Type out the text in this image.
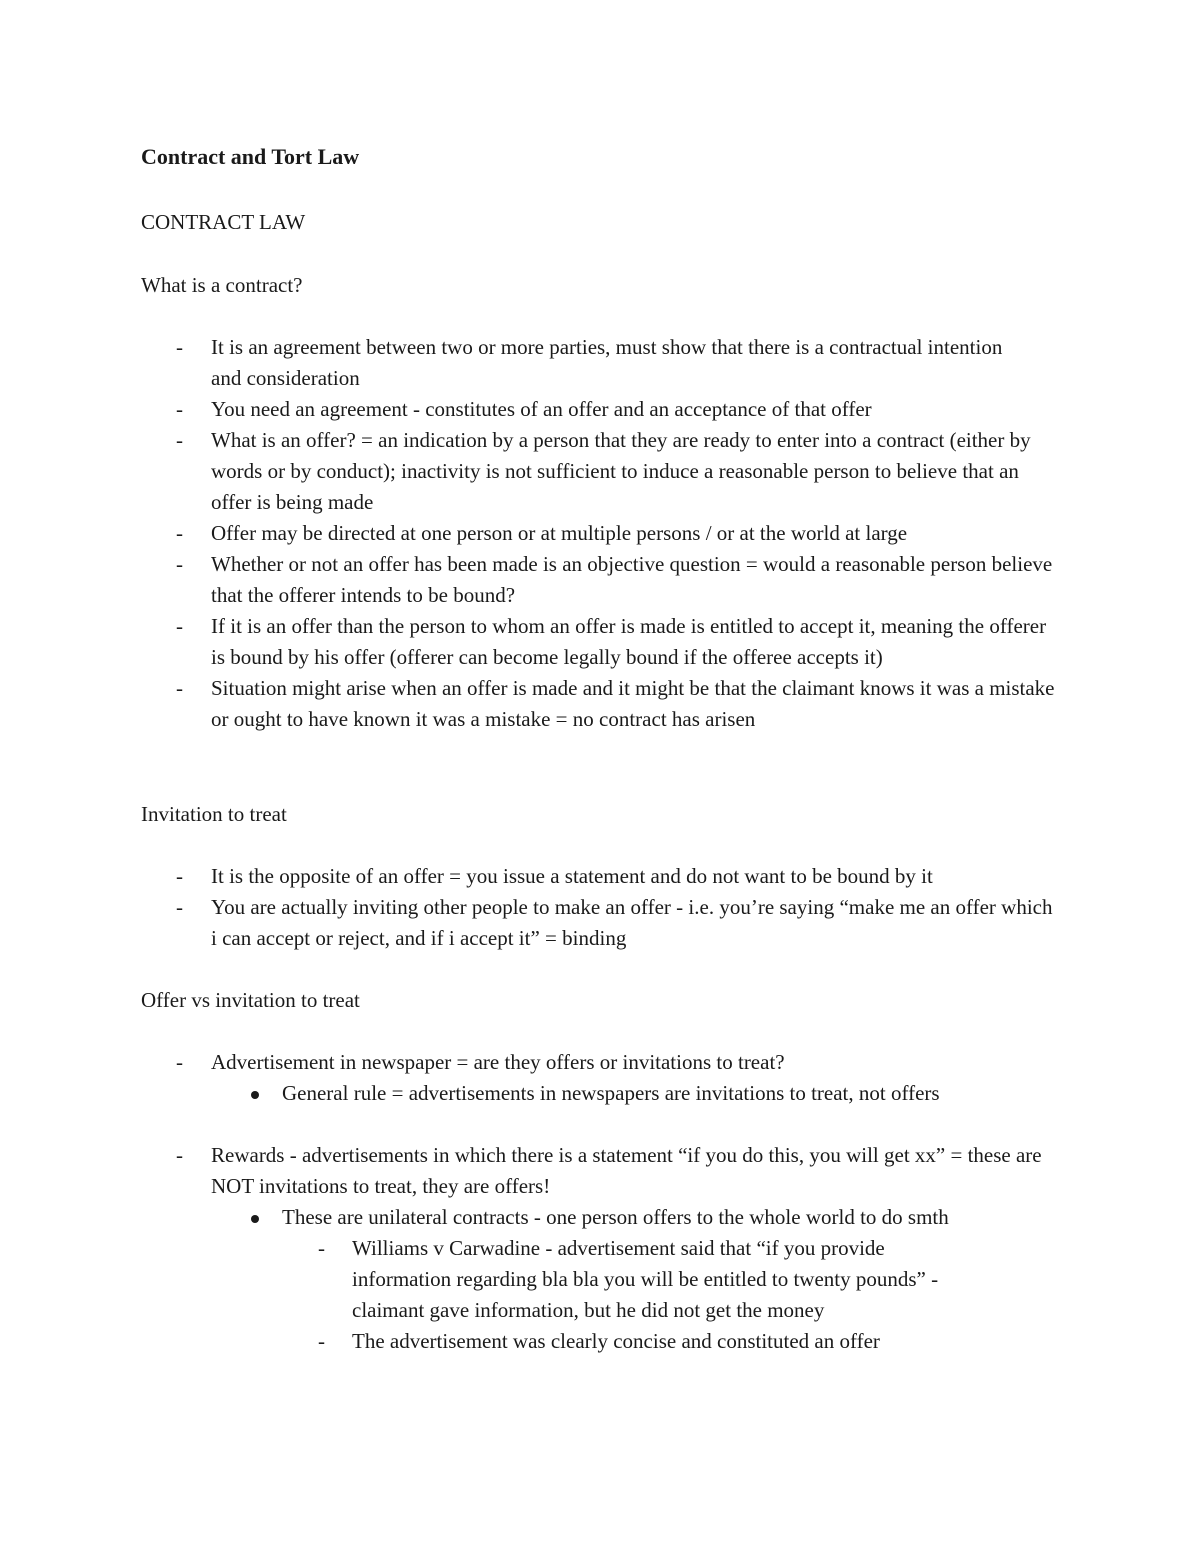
Contract and Tort Law
CONTRACT LAW
What is a contract?
- It is an agreement between two or more parties, must show that there is a contractual intention and consideration
- You need an agreement - constitutes of an offer and an acceptance of that offer
- What is an offer? = an indication by a person that they are ready to enter into a contract (either by words or by conduct); inactivity is not sufficient to induce a reasonable person to believe that an offer is being made
- Offer may be directed at one person or at multiple persons / or at the world at large
- Whether or not an offer has been made is an objective question = would a reasonable person believe that the offerer intends to be bound?
- If it is an offer than the person to whom an offer is made is entitled to accept it, meaning the offerer is bound by his offer (offerer can become legally bound if the offeree accepts it)
- Situation might arise when an offer is made and it might be that the claimant knows it was a mistake or ought to have known it was a mistake = no contract has arisen
Invitation to treat
- It is the opposite of an offer = you issue a statement and do not want to be bound by it
- You are actually inviting other people to make an offer - i.e. you’re saying “make me an offer which i can accept or reject, and if i accept it” = binding
Offer vs invitation to treat
- Advertisement in newspaper = are they offers or invitations to treat?
General rule = advertisements in newspapers are invitations to treat, not offers
- Rewards - advertisements in which there is a statement “if you do this, you will get xx” = these are NOT invitations to treat, they are offers!
These are unilateral contracts - one person offers to the whole world to do smth
- Williams v Carwadine - advertisement said that “if you provide information regarding bla bla you will be entitled to twenty pounds” - claimant gave information, but he did not get the money
- The advertisement was clearly concise and constituted an offer
